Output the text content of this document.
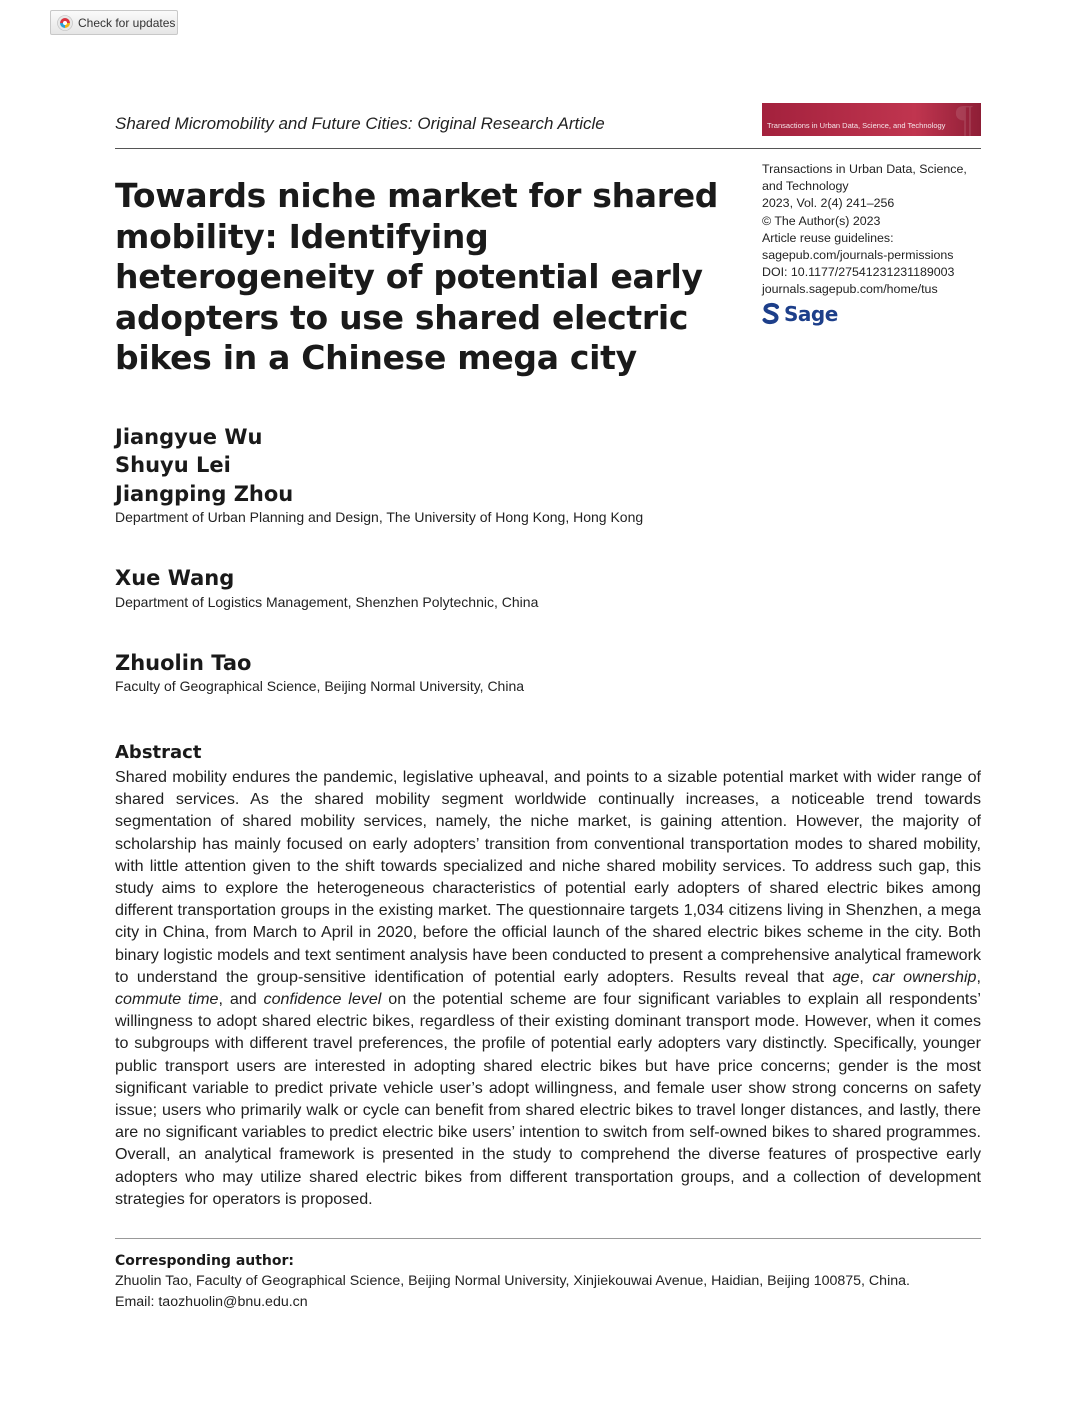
Check for updates
Shared Micromobility and Future Cities: Original Research Article	¶
Transactions in Urban Data, Science, and Technology
Towards niche market for shared mobility: Identifying heterogeneity of potential early adopters to use shared electric bikes in a Chinese mega city
Transactions in Urban Data, Science,
and Technology
2023, Vol. 2(4) 241–256
© The Author(s) 2023
Article reuse guidelines:
sagepub.com/journals-permissions
DOI: 10.1177/27541231231189003
journals.sagepub.com/home/tus
Sage
Jiangyue Wu
Shuyu Lei
Jiangping Zhou
Department of Urban Planning and Design, The University of Hong Kong, Hong Kong
Xue Wang
Department of Logistics Management, Shenzhen Polytechnic, China
Zhuolin Tao
Faculty of Geographical Science, Beijing Normal University, China
Abstract

Shared mobility endures the pandemic, legislative upheaval, and points to a sizable potential market with wider range of shared services. As the shared mobility segment worldwide continually increases, a noticeable trend towards segmentation of shared mobility services, namely, the niche market, is gaining attention. However, the majority of scholarship has mainly focused on early adopters’ transition from conventional transportation modes to shared mobility, with little attention given to the shift towards specialized and niche shared mobility services. To address such gap, this study aims to explore the heterogeneous characteristics of potential early adopters of shared electric bikes among different transportation groups in the existing market. The questionnaire targets 1,034 citizens living in Shenzhen, a mega city in China, from March to April in 2020, before the official launch of the shared electric bikes scheme in the city. Both binary logistic models and text sentiment analysis have been conducted to present a comprehensive analytical framework to understand the group-sensitive identification of potential early adopters. Results reveal that age, car ownership, commute time, and confidence level on the potential scheme are four significant variables to explain all respondents’ willingness to adopt shared electric bikes, regardless of their existing dominant transport mode. However, when it comes to subgroups with different travel preferences, the profile of potential early adopters vary distinctly. Specifically, younger public transport users are interested in adopting shared electric bikes but have price concerns; gender is the most significant variable to predict private vehicle user’s adopt willingness, and female user show strong concerns on safety issue; users who primarily walk or cycle can benefit from shared electric bikes to travel longer distances, and lastly, there are no significant variables to predict electric bike users’ intention to switch from self-owned bikes to shared programmes. Overall, an analytical framework is presented in the study to comprehend the diverse features of prospective early adopters who may utilize shared electric bikes from different transportation groups, and a collection of development strategies for operators is proposed.

Corresponding author:
Zhuolin Tao, Faculty of Geographical Science, Beijing Normal University, Xinjiekouwai Avenue, Haidian, Beijing 100875, China.
Email: taozhuolin@bnu.edu.cn
